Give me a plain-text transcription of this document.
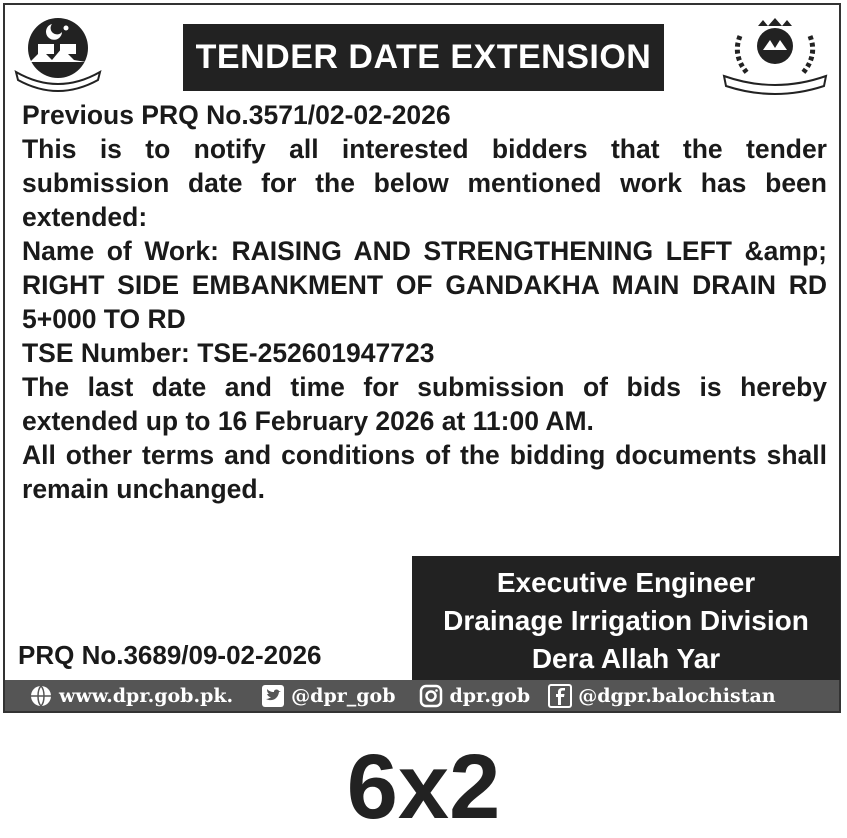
TENDER DATE EXTENSION

Previous PRQ No.3571/02-02-2026

This is to notify all interested bidders that the tender submission date for the below mentioned work has been extended:

Name of Work: RAISING AND STRENGTHENING LEFT &amp; RIGHT SIDE EMBANKMENT OF GANDAKHA MAIN DRAIN RD 5+000 TO RD

TSE Number: TSE-252601947723

The last date and time for submission of bids is hereby extended up to 16 February 2026 at 11:00 AM.

All other terms and conditions of the bidding documents shall remain unchanged.

Executive Engineer
Drainage Irrigation Division
Dera Allah Yar
PRQ No.3689/09-02-2026
www.dpr.gob.pk.	@dpr_gob	dpr.gob	@dgpr.balochistan
6x2
